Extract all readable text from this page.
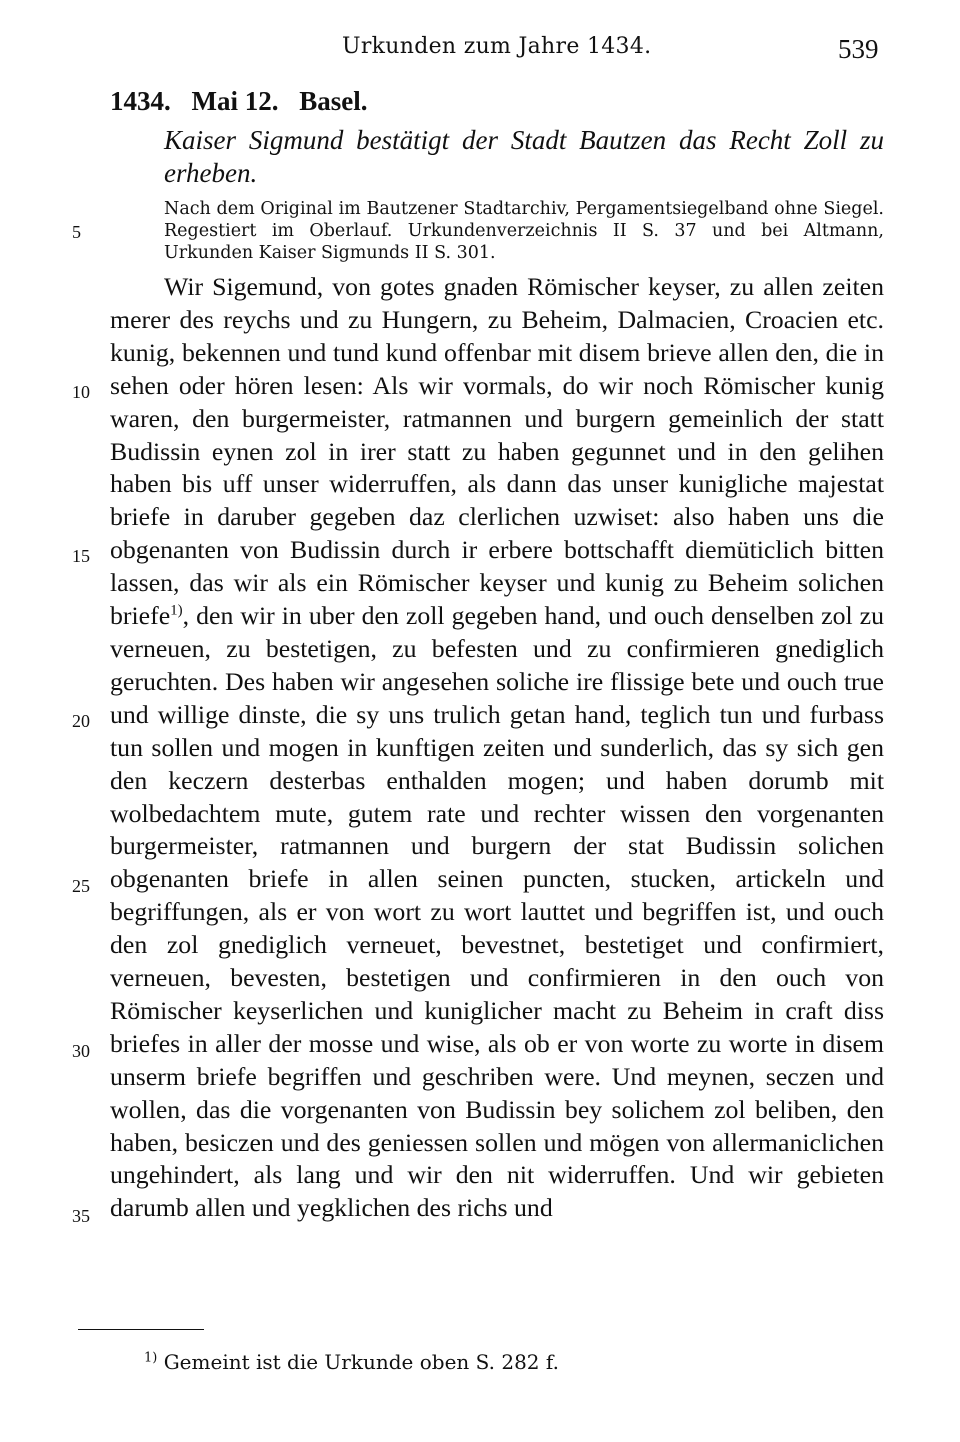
Urkunden zum Jahre 1434.	539
1434. Mai 12. Basel.
Kaiser Sigmund bestätigt der Stadt Bautzen das Recht Zoll zu erheben.
Nach dem Original im Bautzener Stadtarchiv, Pergamentsiegelband ohne Siegel. Regestiert im Oberlauf. Urkundenverzeichnis II S. 37 und bei Altmann, Urkunden Kaiser Sigmunds II S. 301.
5
10
15
20
25
30
35

Wir Sigemund, von gotes gnaden Römischer keyser, zu allen zeiten merer des reychs und zu Hungern, zu Beheim, Dalmacien, Croacien etc. kunig, bekennen und tund kund offenbar mit disem brieve allen den, die in sehen oder hören lesen: Als wir vormals, do wir noch Römischer kunig waren, den burgermeister, ratmannen und burgern gemeinlich der statt Budissin eynen zol in irer statt zu haben gegunnet und in den gelihen haben bis uff unser widerruffen, als dann das unser kunigliche majestat briefe in daruber gegeben daz clerlichen uzwiset: also haben uns die obgenanten von Budissin durch ir erbere bottschafft diemüticlich bitten lassen, das wir als ein Römischer keyser und kunig zu Beheim solichen briefe$^{1)}$, den wir in uber den zoll gegeben hand, und ouch denselben zol zu verneuen, zu bestetigen, zu befesten und zu confirmieren gnediglich geruchten. Des haben wir angesehen soliche ire flissige bete und ouch true und willige dinste, die sy uns trulich getan hand, teglich tun und furbass tun sollen und mogen in kunftigen zeiten und sunderlich, das sy sich gen den keczern desterbas enthalden mogen; und haben dorumb mit wolbedachtem mute, gutem rate und rechter wissen den vorgenanten burgermeister, ratmannen und burgern der stat Budissin solichen obgenanten briefe in allen seinen puncten, stucken, artickeln und begriffungen, als er von wort zu wort lauttet und begriffen ist, und ouch den zol gnediglich verneuet, bevestnet, bestetiget und confirmiert, verneuen, bevesten, bestetigen und confirmieren in den ouch von Römischer keyserlichen und kuniglicher macht zu Beheim in craft diss briefes in aller der mosse und wise, als ob er von worte zu worte in disem unserm briefe begriffen und geschriben were. Und meynen, seczen und wollen, das die vorgenanten von Budissin bey solichem zol beliben, den haben, besiczen und des geniessen sollen und mögen von allermaniclichen ungehindert, als lang und wir den nit widerruffen. Und wir gebieten darumb allen und yegklichen des richs und

$^{1)}$ Gemeint ist die Urkunde oben S. 282 f.
